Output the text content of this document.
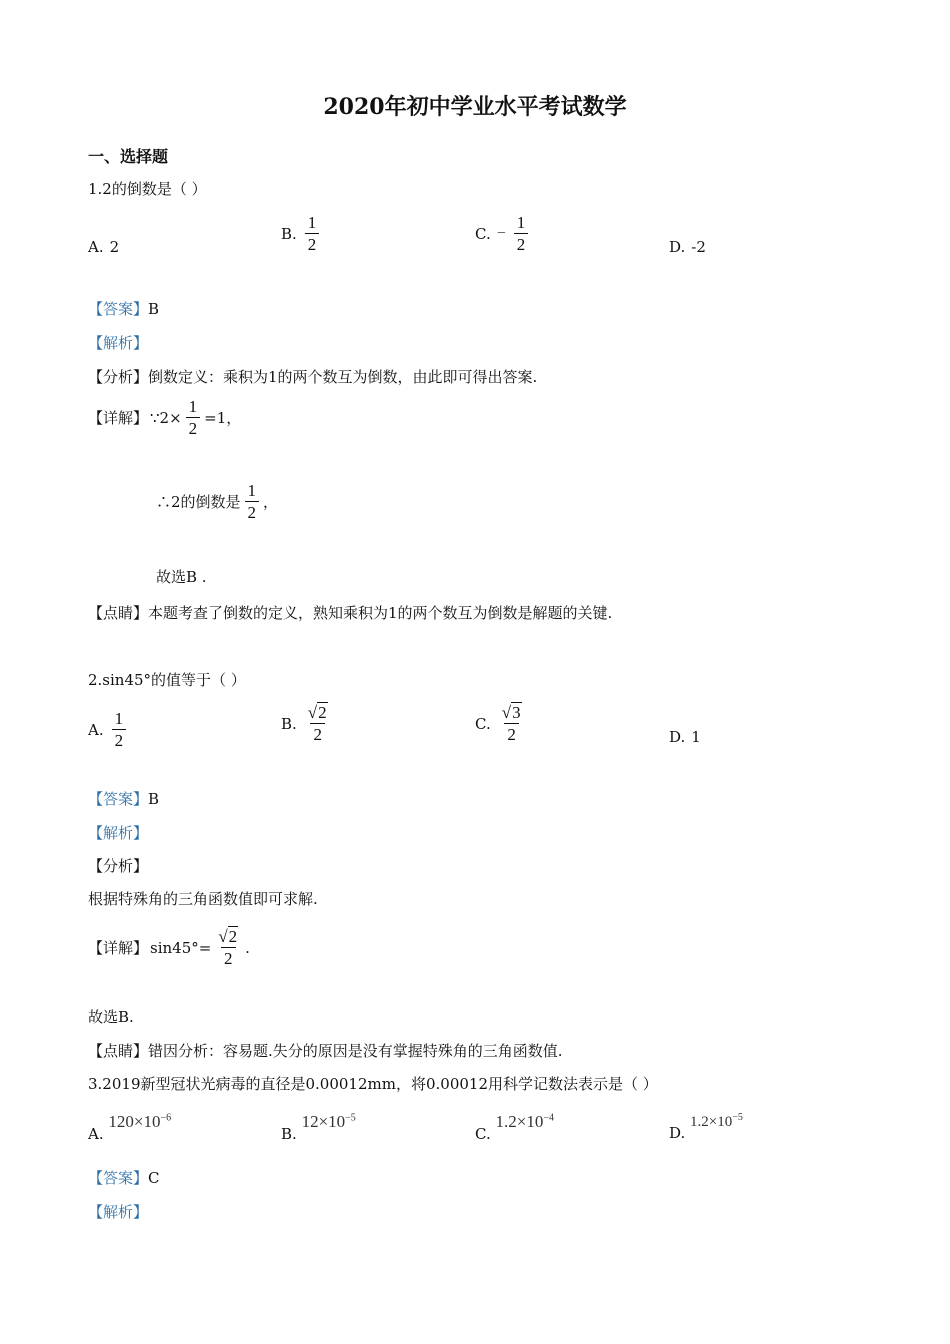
2020年初中学业水平考试数学
一、选择题
1.2的倒数是（ ）
A. 2
B. $\frac{1}{2}$	C. − $\frac{1}{2}$	D. -2
【答案】B
【解析】
【分析】倒数定义：乘积为1的两个数互为倒数，由此即可得出答案.
【详解】 ∵2× $\frac{1}{2} =1$，
∴2的倒数是 $\frac{1}{2}$ ，
故选B .
【点睛】本题考查了倒数的定义，熟知乘积为1的两个数互为倒数是解题的关键.
2.sin45°的值等于（ ）
A. $\frac{1}{2}$	B. $\frac{√2}{2}$	C. $\frac{√3}{2}$	D. 1
【答案】B
【解析】
【分析】
根据特殊角的三角函数值即可求解.
【详解】 $\sin 45^\circ= \frac{√2}{2}$ .
故选B.
【点睛】错因分析：容易题.失分的原因是没有掌握特殊角的三角函数值.
3.2019新型冠状光病毒的直径是0.00012mm，将0.00012用科学记数法表示是（ ）
A. $120\times 10^{-6}$
B. $12\times 10^{-5}$
C. $1.2\times 10^{-4}$
D. $1.2\times 10^{-5}$
【答案】C
【解析】
